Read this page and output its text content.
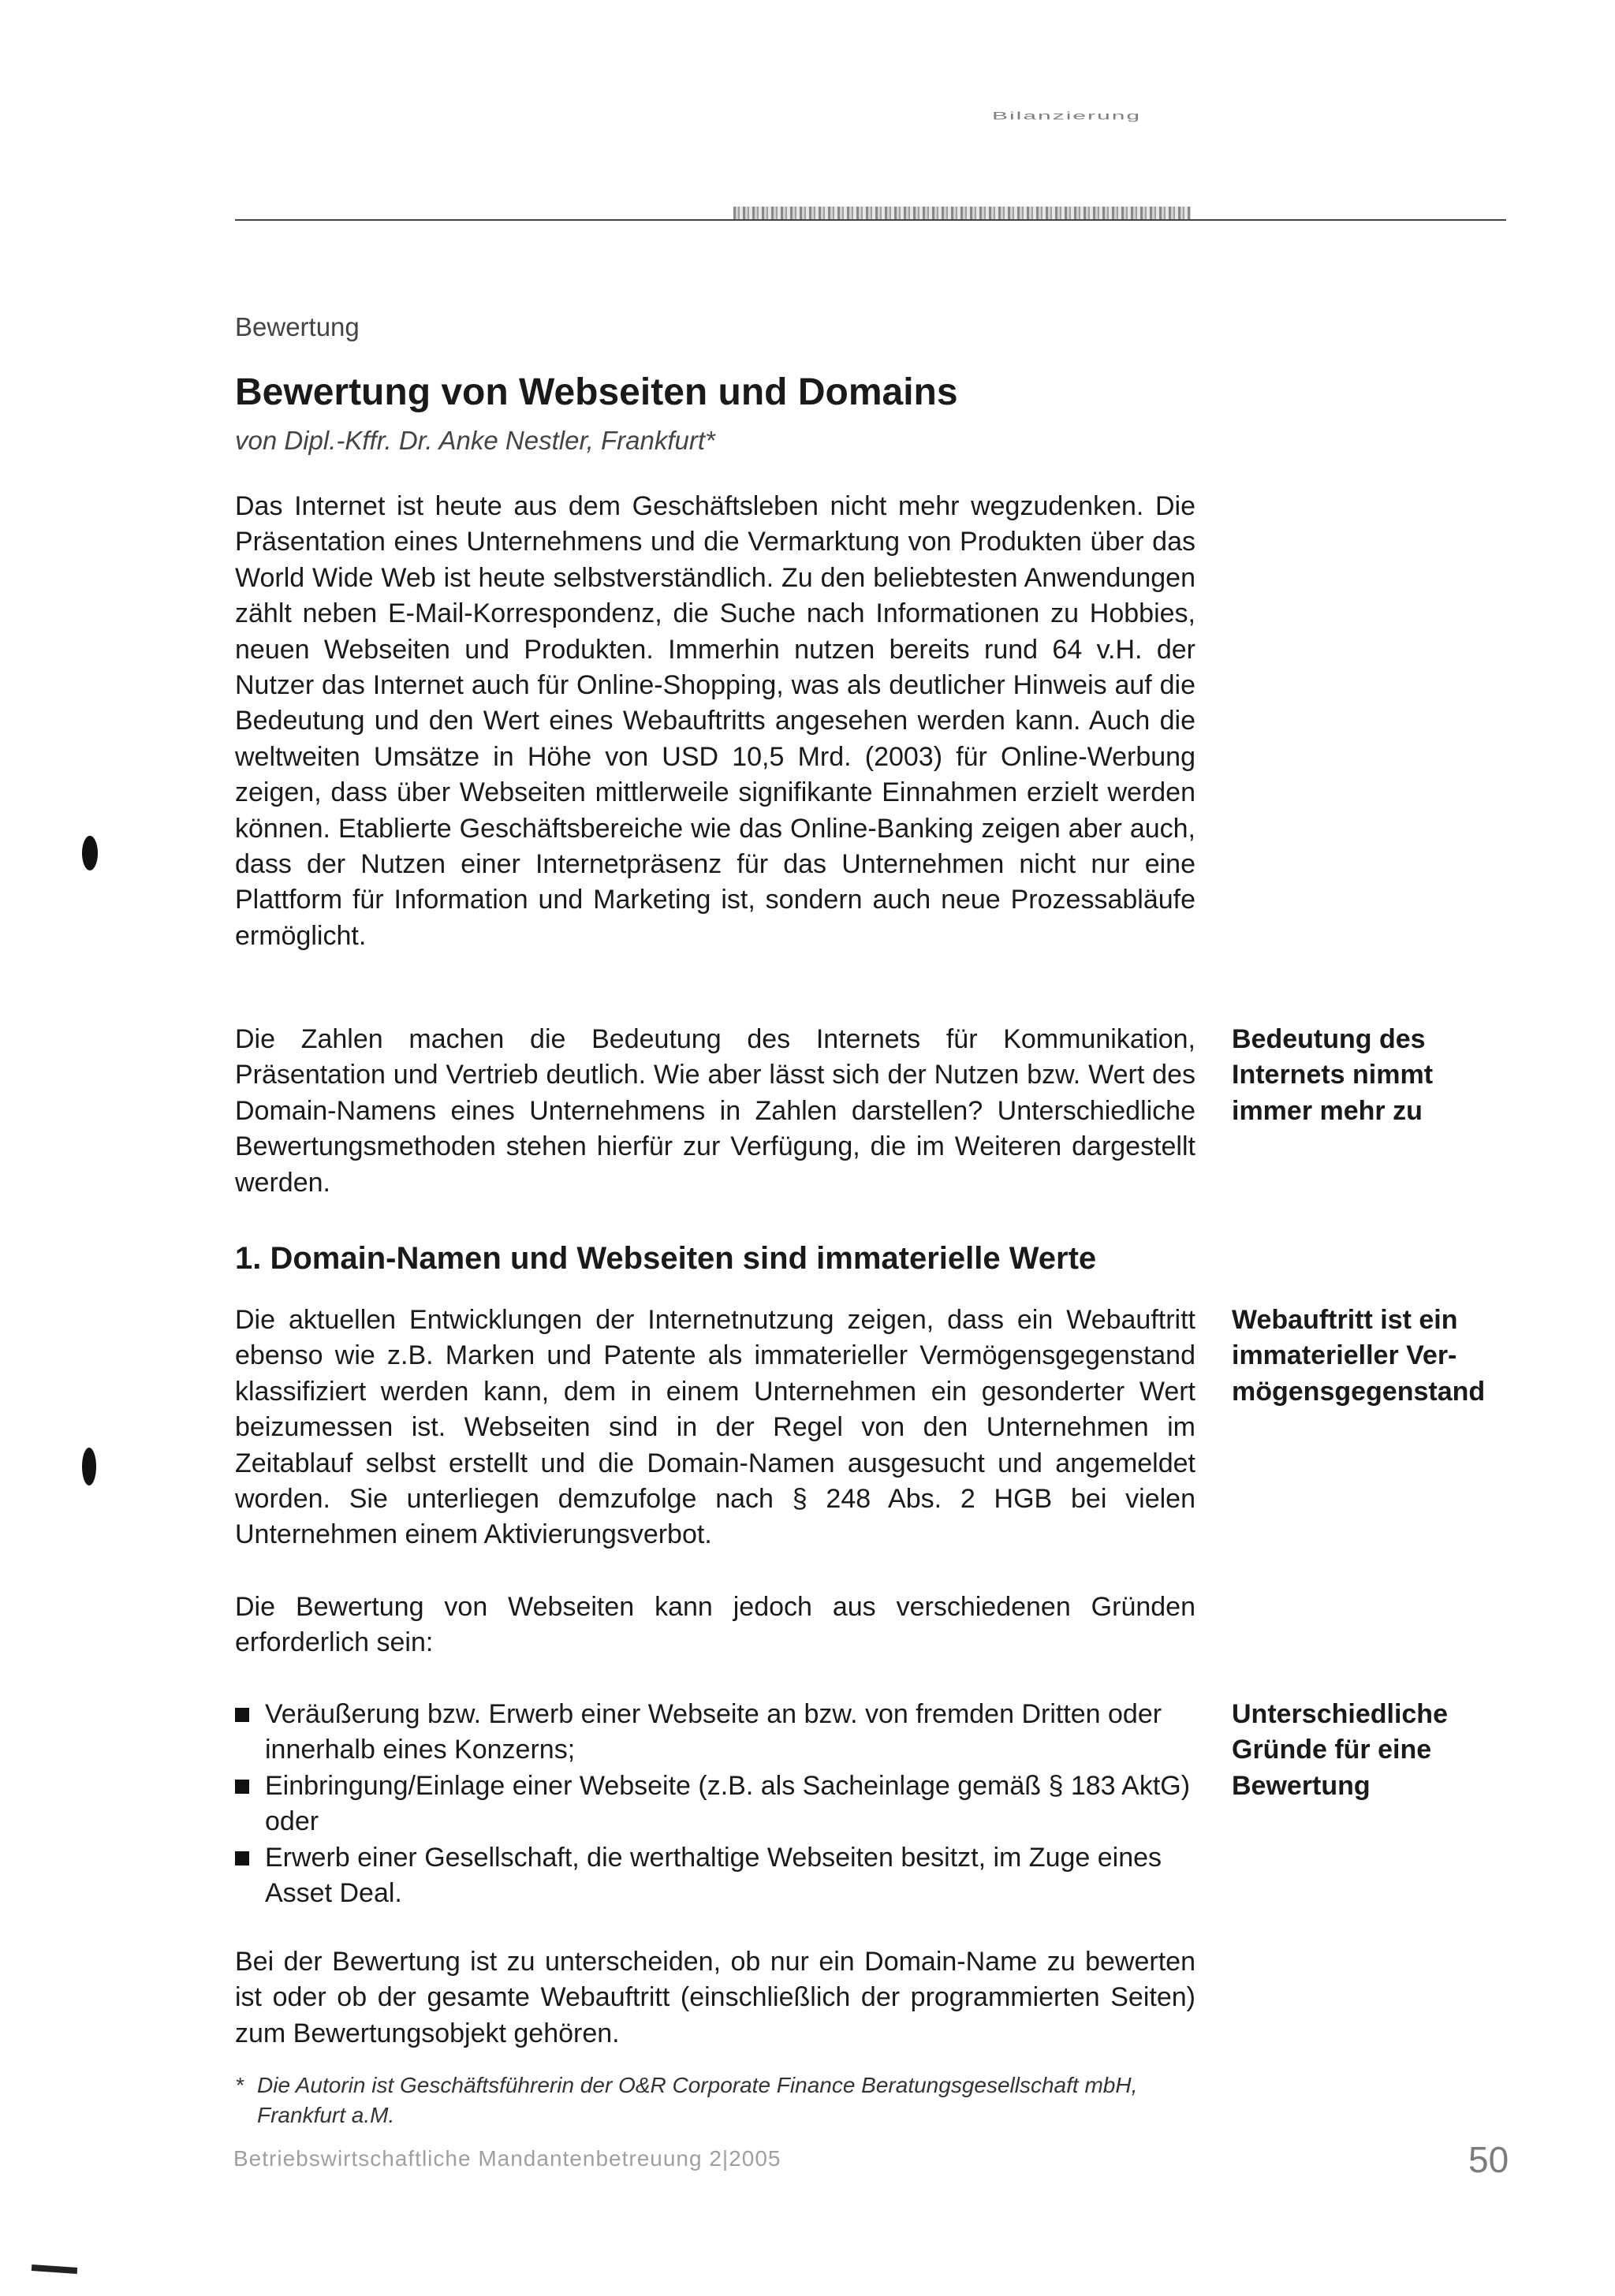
Bilanzierung
Bewertung
Bewertung von Webseiten und Domains
von Dipl.-Kffr. Dr. Anke Nestler, Frankfurt*

Das Internet ist heute aus dem Geschäftsleben nicht mehr wegzudenken. Die Präsentation eines Unternehmens und die Vermarktung von Produkten über das World Wide Web ist heute selbstverständlich. Zu den beliebtesten Anwendungen zählt neben E-Mail-Korrespondenz, die Suche nach Informationen zu Hobbies, neuen Webseiten und Produkten. Immerhin nutzen bereits rund 64 v.H. der Nutzer das Internet auch für Online-Shopping, was als deutlicher Hinweis auf die Bedeutung und den Wert eines Webauftritts angesehen werden kann. Auch die weltweiten Umsätze in Höhe von USD 10,5 Mrd. (2003) für Online-Werbung zeigen, dass über Webseiten mittlerweile signifikante Einnahmen erzielt werden können. Etablierte Geschäftsbereiche wie das Online-Banking zeigen aber auch, dass der Nutzen einer Internetpräsenz für das Unternehmen nicht nur eine Plattform für Information und Marketing ist, sondern auch neue Prozessabläufe ermöglicht.

Die Zahlen machen die Bedeutung des Internets für Kommunikation, Präsentation und Vertrieb deutlich. Wie aber lässt sich der Nutzen bzw. Wert des Domain-Namens eines Unternehmens in Zahlen darstellen? Unterschiedliche Bewertungsmethoden stehen hierfür zur Verfügung, die im Weiteren dargestellt werden.

1. Domain-Namen und Webseiten sind immaterielle Werte

Die aktuellen Entwicklungen der Internetnutzung zeigen, dass ein Webauftritt ebenso wie z.B. Marken und Patente als immaterieller Vermögensgegenstand klassifiziert werden kann, dem in einem Unternehmen ein gesonderter Wert beizumessen ist. Webseiten sind in der Regel von den Unternehmen im Zeitablauf selbst erstellt und die Domain-Namen ausgesucht und angemeldet worden. Sie unterliegen demzufolge nach § 248 Abs. 2 HGB bei vielen Unternehmen einem Aktivierungsverbot.

Die Bewertung von Webseiten kann jedoch aus verschiedenen Gründen erforderlich sein:

Veräußerung bzw. Erwerb einer Webseite an bzw. von fremden Dritten oder innerhalb eines Konzerns;
Einbringung/Einlage einer Webseite (z.B. als Sacheinlage gemäß § 183 AktG) oder
Erwerb einer Gesellschaft, die werthaltige Webseiten besitzt, im Zuge eines Asset Deal.

Bei der Bewertung ist zu unterscheiden, ob nur ein Domain-Name zu bewerten ist oder ob der gesamte Webauftritt (einschließlich der programmierten Seiten) zum Bewertungsobjekt gehören.

Bedeutung des
Internets nimmt
immer mehr zu
Webauftritt ist ein
immaterieller Ver-
mögensgegenstand
Unterschiedliche
Gründe für eine
Bewertung
* Die Autorin ist Geschäftsführerin der O&R Corporate Finance Beratungsgesellschaft mbH, Frankfurt a.M.
Betriebswirtschaftliche Mandantenbetreuung 2|2005	50
